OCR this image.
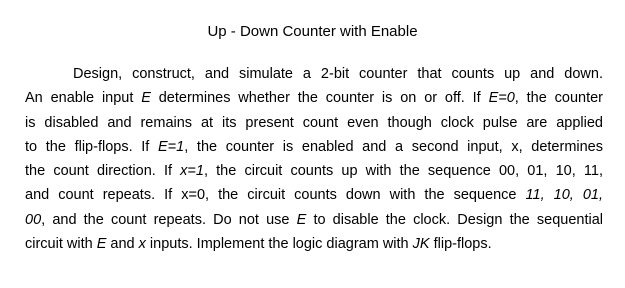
Up - Down Counter with Enable
Design, construct, and simulate a 2-bit counter that counts up and down.
An enable input E determines whether the counter is on or off. If E=0, the counter
is disabled and remains at its present count even though clock pulse are applied
to the flip-flops. If E=1, the counter is enabled and a second input, x, determines
the count direction. If x=1, the circuit counts up with the sequence 00, 01, 10, 11,
and count repeats. If x=0, the circuit counts down with the sequence 11, 10, 01,
00, and the count repeats. Do not use E to disable the clock. Design the sequential
circuit with E and x inputs. Implement the logic diagram with JK flip-flops.
